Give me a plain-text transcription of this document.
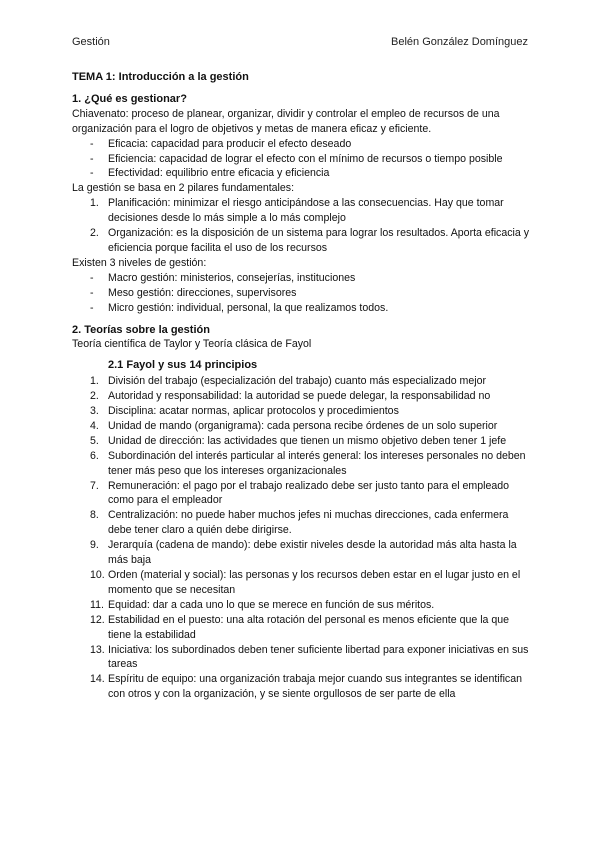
Gestión	Belén González Domínguez
TEMA 1: Introducción a la gestión
1. ¿Qué es gestionar?

Chiavenato: proceso de planear, organizar, dividir y controlar el empleo de recursos de una organización para el logro de objetivos y metas de manera eficaz y eficiente.

- Eficacia: capacidad para producir el efecto deseado
- Eficiencia: capacidad de lograr el efecto con el mínimo de recursos o tiempo posible
- Efectividad: equilibrio entre eficacia y eficiencia

La gestión se basa en 2 pilares fundamentales:

1. Planificación: minimizar el riesgo anticipándose a las consecuencias. Hay que tomar decisiones desde lo más simple a lo más complejo
2. Organización: es la disposición de un sistema para lograr los resultados. Aporta eficacia y eficiencia porque facilita el uso de los recursos

Existen 3 niveles de gestión:

- Macro gestión: ministerios, consejerías, instituciones
- Meso gestión: direcciones, supervisores
- Micro gestión: individual, personal, la que realizamos todos.
2. Teorías sobre la gestión

Teoría científica de Taylor y Teoría clásica de Fayol

2.1 Fayol y sus 14 principios
1. División del trabajo (especialización del trabajo) cuanto más especializado mejor
2. Autoridad y responsabilidad: la autoridad se puede delegar, la responsabilidad no
3. Disciplina: acatar normas, aplicar protocolos y procedimientos
4. Unidad de mando (organigrama): cada persona recibe órdenes de un solo superior
5. Unidad de dirección: las actividades que tienen un mismo objetivo deben tener 1 jefe
6. Subordinación del interés particular al interés general: los intereses personales no deben tener más peso que los intereses organizacionales
7. Remuneración: el pago por el trabajo realizado debe ser justo tanto para el empleado como para el empleador
8. Centralización: no puede haber muchos jefes ni muchas direcciones, cada enfermera debe tener claro a quién debe dirigirse.
9. Jerarquía (cadena de mando): debe existir niveles desde la autoridad más alta hasta la más baja
10. Orden (material y social): las personas y los recursos deben estar en el lugar justo en el momento que se necesitan
11. Equidad: dar a cada uno lo que se merece en función de sus méritos.
12. Estabilidad en el puesto: una alta rotación del personal es menos eficiente que la que tiene la estabilidad
13. Iniciativa: los subordinados deben tener suficiente libertad para exponer iniciativas en sus tareas
14. Espíritu de equipo: una organización trabaja mejor cuando sus integrantes se identifican con otros y con la organización, y se siente orgullosos de ser parte de ella
